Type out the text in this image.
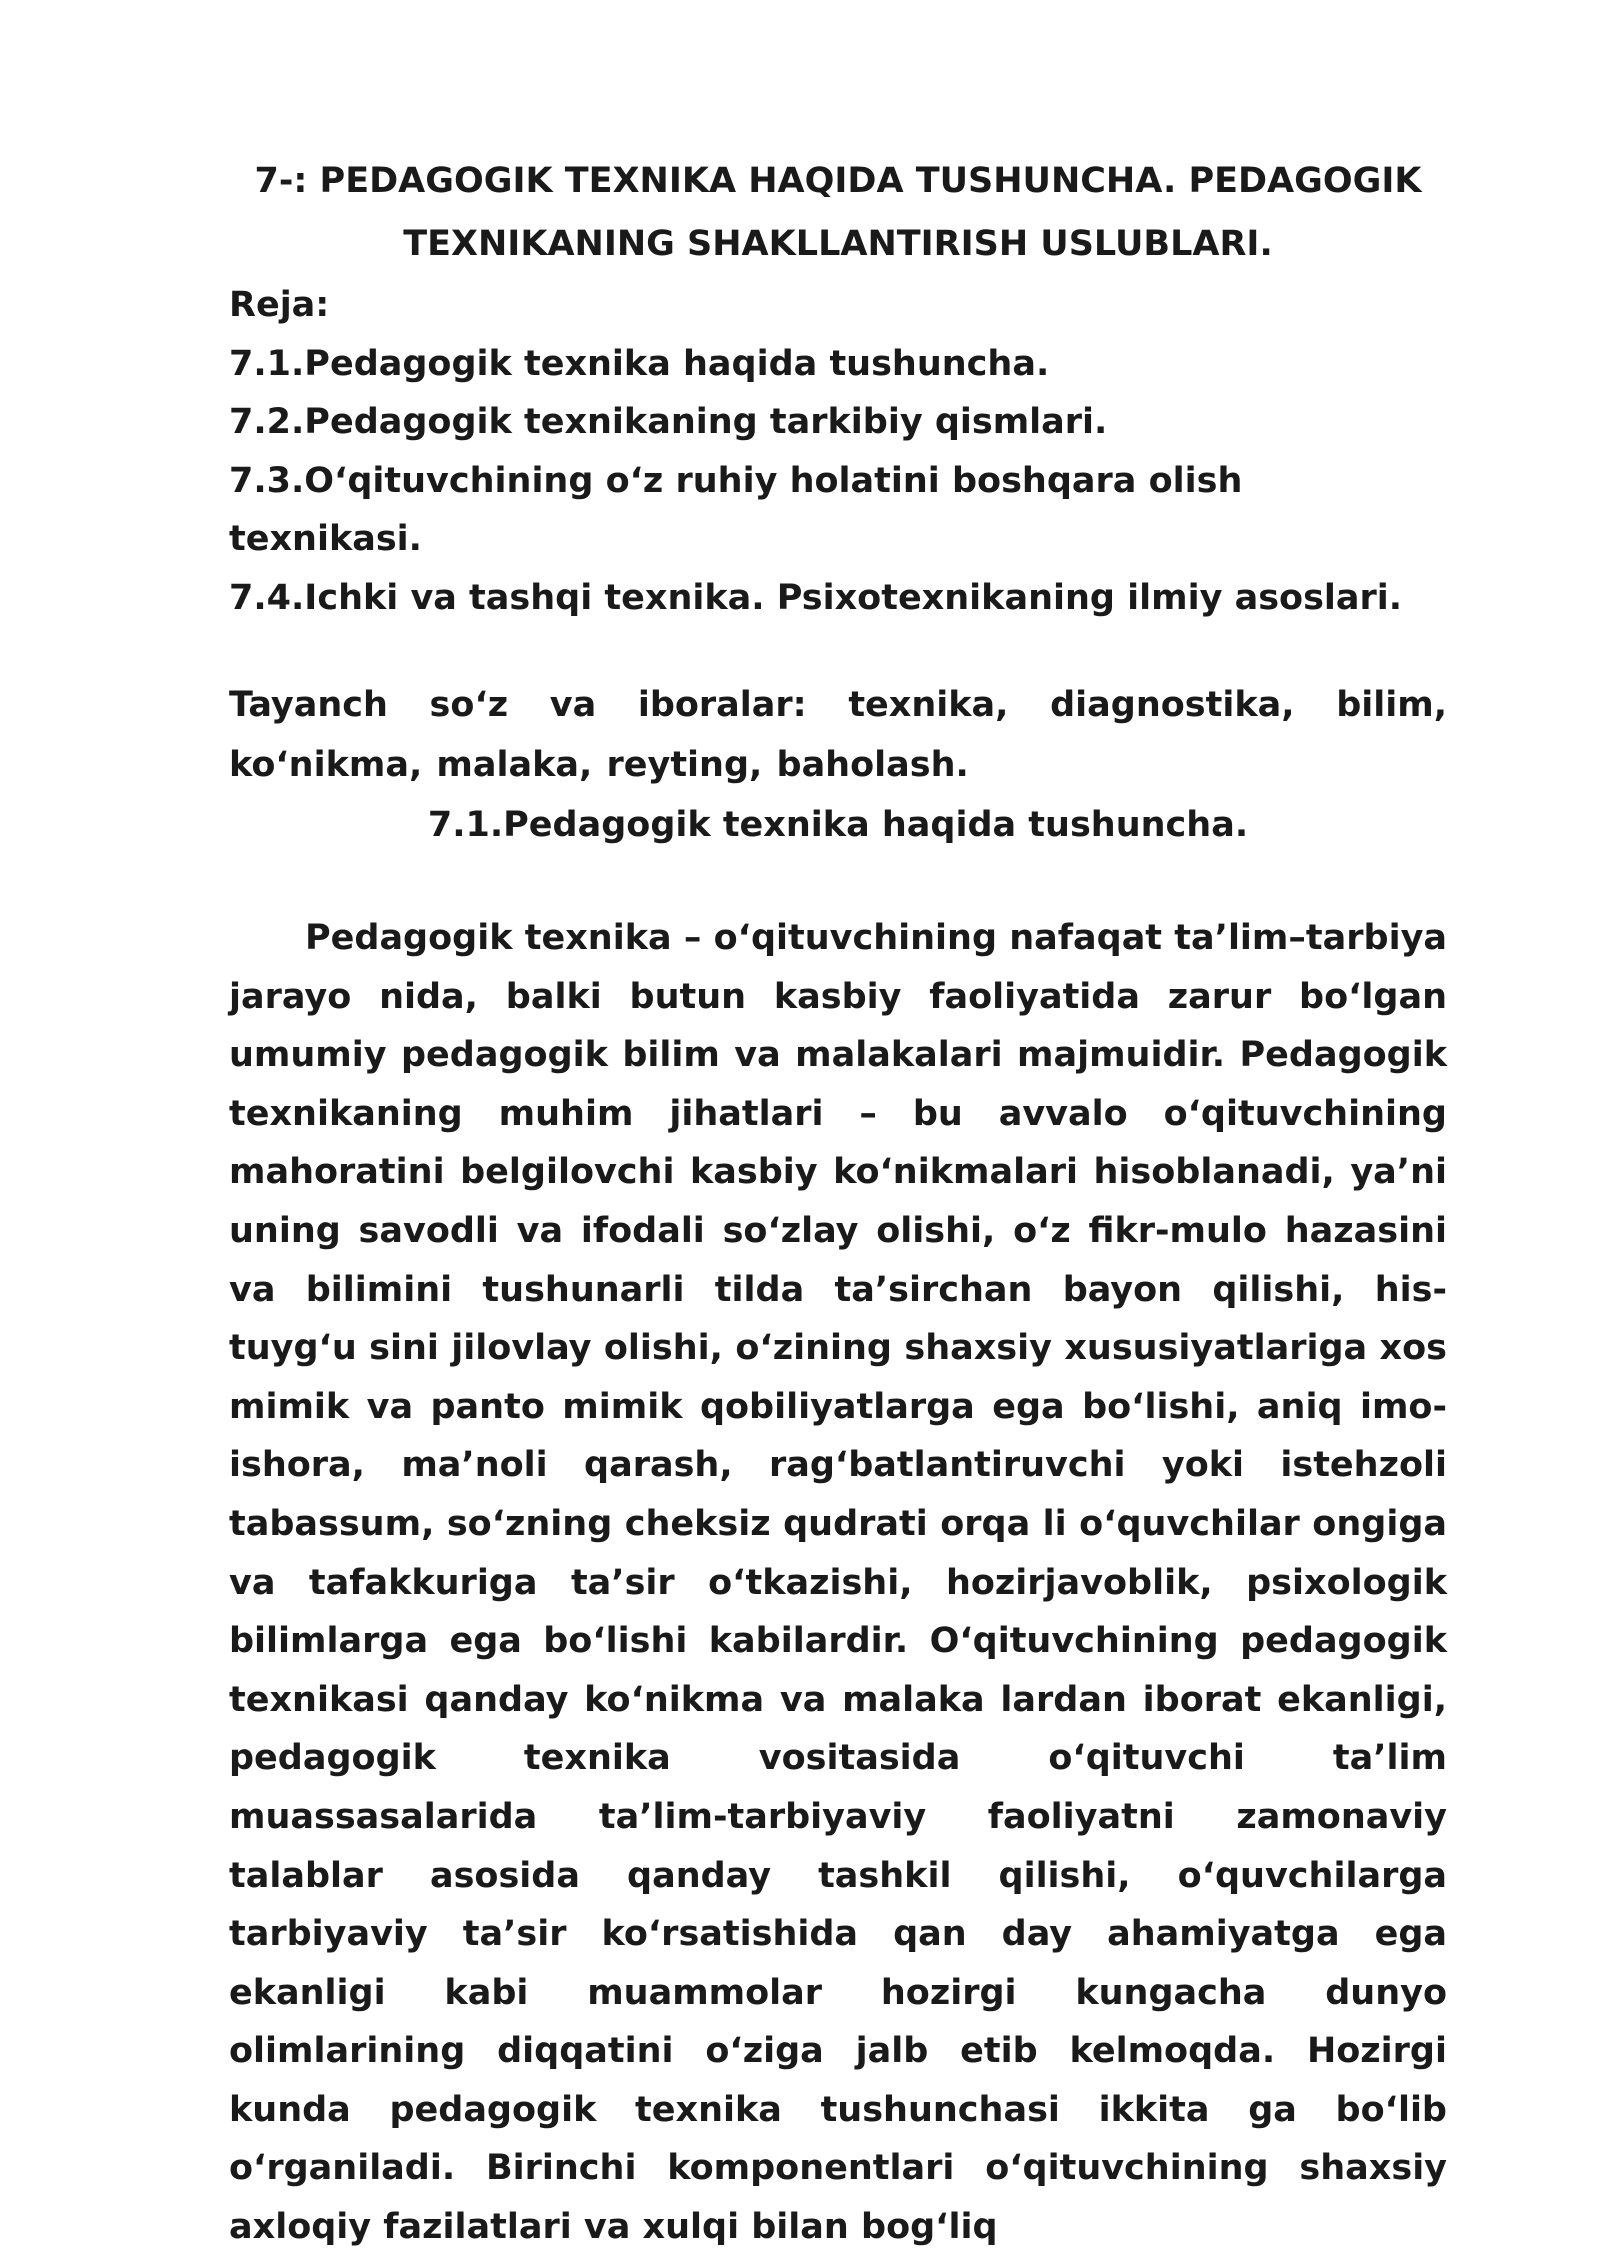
7-: PEDAGOGIK TEXNIKA HAQIDA TUSHUNCHA. PEDAGOGIK
TEXNIKANING SHAKLLANTIRISH USLUBLARI.

Reja:

7.1.Pedagogik texnika haqida tushuncha.

7.2.Pedagogik texnikaning tarkibiy qismlari.

7.3.O‘qituvchining o‘z ruhiy holatini boshqara olish texnikasi.

7.4.Ichki va tashqi texnika. Psixotexnikaning ilmiy asoslari.

Tayanch so‘z va iboralar: texnika, diagnostika, bilim, ko‘nikma, malaka, reyting, baholash.

7.1.Pedagogik texnika haqida tushuncha.

Pedagogik texnika – o‘qituvchining nafaqat ta’lim–tarbiya jarayo nida, balki butun kasbiy faoliyatida zarur bo‘lgan umumiy pedagogik bilim va malakalari majmuidir. Pedagogik texnikaning muhim jihatlari – bu avvalo o‘qituvchining mahoratini belgilovchi kasbiy ko‘nikmalari hisoblanadi, ya’ni uning savodli va ifodali so‘zlay olishi, o‘z fikr-mulo hazasini va bilimini tushunarli tilda ta’sirchan bayon qilishi, his-tuyg‘u sini jilovlay olishi, o‘zining shaxsiy xususiyatlariga xos mimik va panto mimik qobiliyatlarga ega bo‘lishi, aniq imo-ishora, ma’noli qarash, rag‘batlantiruvchi yoki istehzoli tabassum, so‘zning cheksiz qudrati orqa li o‘quvchilar ongiga va tafakkuriga ta’sir o‘tkazishi, hozirjavoblik, psixologik bilimlarga ega bo‘lishi kabilardir. O‘qituvchining pedagogik texnikasi qanday ko‘nikma va malaka lardan iborat ekanligi, pedagogik texnika vositasida o‘qituvchi ta’lim muassasalarida ta’lim-tarbiyaviy faoliyatni zamonaviy talablar asosida qanday tashkil qilishi, o‘quvchilarga tarbiyaviy ta’sir ko‘rsatishida qan day ahamiyatga ega ekanligi kabi muammolar hozirgi kungacha dunyo olimlarining diqqatini o‘ziga jalb etib kelmoqda. Hozirgi kunda pedagogik texnika tushunchasi ikkita ga bo‘lib o‘rganiladi. Birinchi komponentlari o‘qituvchining shaxsiy axloqiy fazilatlari va xulqi bilan bog‘liq
